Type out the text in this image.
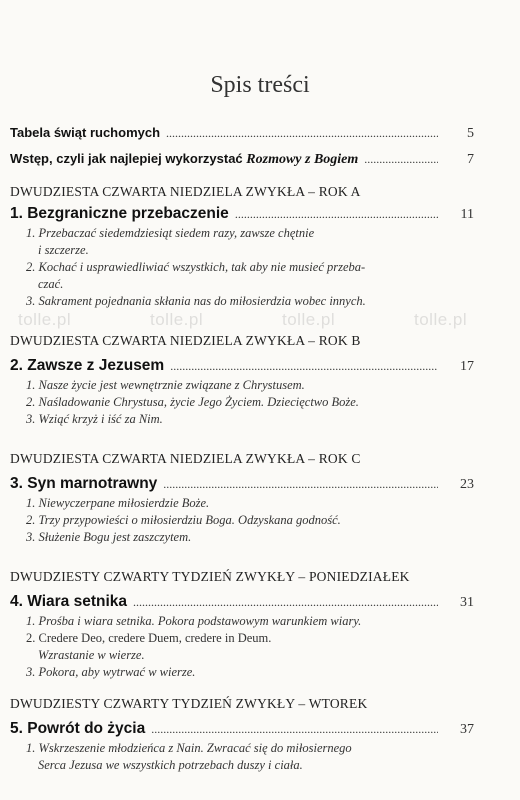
Spis treści
tolle.pl	tolle.pl	tolle.pl	tolle.pl
Tabela świąt ruchomych . . .	5
Wstęp, czyli jak najlepiej wykorzystać Rozmowy z Bogiem . . .	7
DWUDZIESTA CZWARTA NIEDZIELA ZWYKŁA – ROK A
1. Bezgraniczne przebaczenie . . .	11
1. Przebaczać siedemdziesiąt siedem razy, zawsze chętnie
i szczerze.
2. Kochać i usprawiedliwiać wszystkich, tak aby nie musieć przeba-
czać.
3. Sakrament pojednania skłania nas do miłosierdzia wobec innych.
DWUDZIESTA CZWARTA NIEDZIELA ZWYKŁA – ROK B
2. Zawsze z Jezusem . . .	17
1. Nasze życie jest wewnętrznie związane z Chrystusem.
2. Naśladowanie Chrystusa, życie Jego Życiem. Dziecięctwo Boże.
3. Wziąć krzyż i iść za Nim.
DWUDZIESTA CZWARTA NIEDZIELA ZWYKŁA – ROK C
3. Syn marnotrawny . . .	23
1. Niewyczerpane miłosierdzie Boże.
2. Trzy przypowieści o miłosierdziu Boga. Odzyskana godność.
3. Służenie Bogu jest zaszczytem.
DWUDZIESTY CZWARTY TYDZIEŃ ZWYKŁY – PONIEDZIAŁEK
4. Wiara setnika . . .	31
1. Prośba i wiara setnika. Pokora podstawowym warunkiem wiary.
2. Credere Deo, credere Duem, credere in Deum.
Wzrastanie w wierze.
3. Pokora, aby wytrwać w wierze.
DWUDZIESTY CZWARTY TYDZIEŃ ZWYKŁY – WTOREK
5. Powrót do życia . . .	37
1. Wskrzeszenie młodzieńca z Nain. Zwracać się do miłosiernego
Serca Jezusa we wszystkich potrzebach duszy i ciała.
